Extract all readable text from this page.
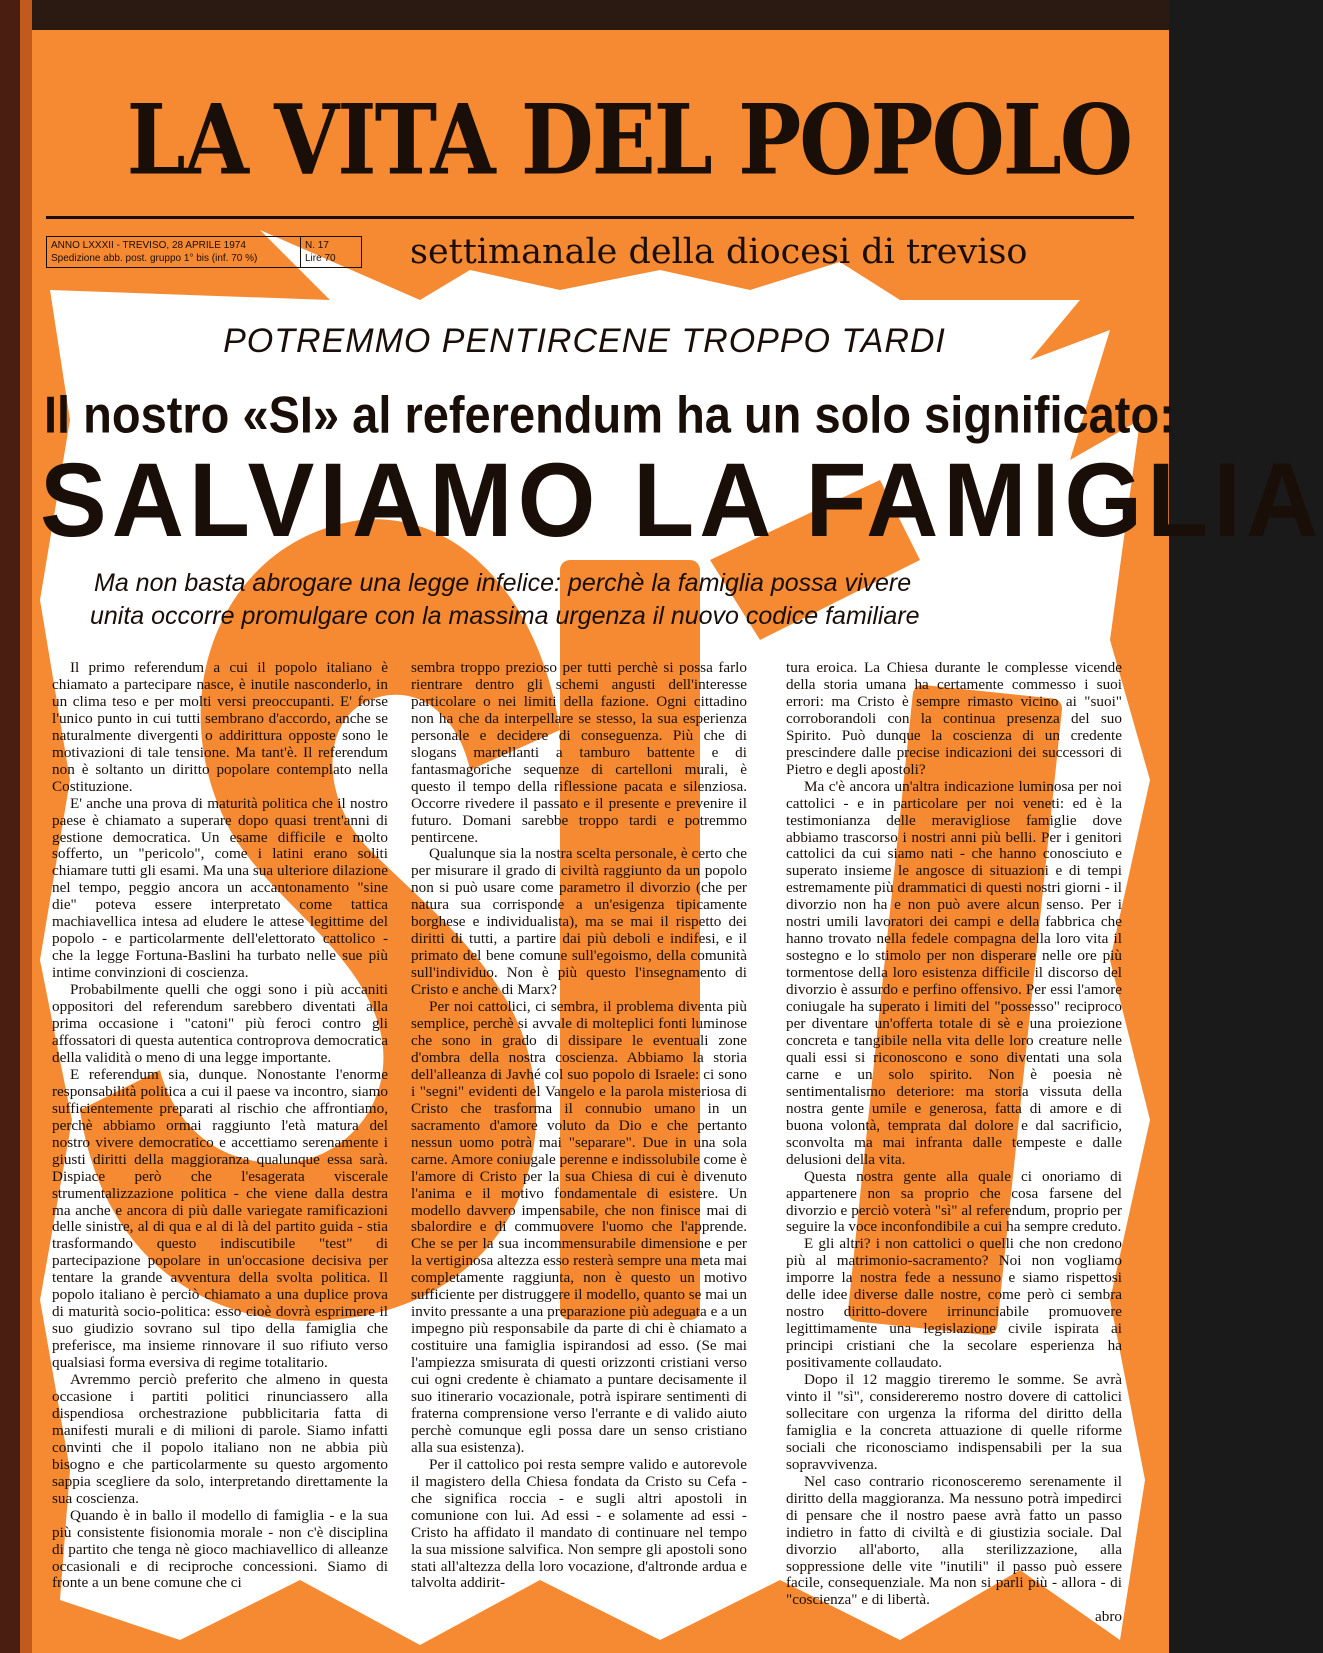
LA VITA DEL POPOLO
ANNO LXXXII - TREVISO, 28 APRILE 1974
Spedizione abb. post. gruppo 1° bis (inf. 70 %)
N. 17
Lire 70	settimanale della diocesi di treviso
POTREMMO PENTIRCENE TROPPO TARDI
Il nostro «SI» al referendum ha un solo significato:
SALVIAMO LA FAMIGLIA
Ma non basta abrogare una legge infelice: perchè la famiglia possa vivere
unita occorre promulgare con la massima urgenza il nuovo codice familiare

Il primo referendum a cui il popolo italiano è chiamato a partecipare nasce, è inutile nasconderlo, in un clima teso e per molti versi preoccupanti. E' forse l'unico punto in cui tutti sembrano d'accordo, anche se naturalmente divergenti o addirittura opposte sono le motivazioni di tale tensione. Ma tant'è. Il referendum non è soltanto un diritto popolare contemplato nella Costituzione.

E' anche una prova di maturità politica che il nostro paese è chiamato a superare dopo quasi trent'anni di gestione democratica. Un esame difficile e molto sofferto, un "pericolo", come i latini erano soliti chiamare tutti gli esami. Ma una sua ulteriore dilazione nel tempo, peggio ancora un accantonamento "sine die" poteva essere interpretato come tattica machiavellica intesa ad eludere le attese legittime del popolo - e particolarmente dell'elettorato cattolico - che la legge Fortuna-Baslini ha turbato nelle sue più intime convinzioni di coscienza.

Probabilmente quelli che oggi sono i più accaniti oppositori del referendum sarebbero diventati alla prima occasione i "catoni" più feroci contro gli affossatori di questa autentica controprova democratica della validità o meno di una legge importante.

E referendum sia, dunque. Nonostante l'enorme responsabilità politica a cui il paese va incontro, siamo sufficientemente preparati al rischio che affrontiamo, perchè abbiamo ormai raggiunto l'età matura del nostro vivere democratico e accettiamo serenamente i giusti diritti della maggioranza qualunque essa sarà. Dispiace però che l'esagerata viscerale strumentalizzazione politica - che viene dalla destra ma anche e ancora di più dalle variegate ramificazioni delle sinistre, al di qua e al di là del partito guida - stia trasformando questo indiscutibile "test" di partecipazione popolare in un'occasione decisiva per tentare la grande avventura della svolta politica. Il popolo italiano è perciò chiamato a una duplice prova di maturità socio-politica: esso cioè dovrà esprimere il suo giudizio sovrano sul tipo della famiglia che preferisce, ma insieme rinnovare il suo rifiuto verso qualsiasi forma eversiva di regime totalitario.

Avremmo perciò preferito che almeno in questa occasione i partiti politici rinunciassero alla dispendiosa orchestrazione pubblicitaria fatta di manifesti murali e di milioni di parole. Siamo infatti convinti che il popolo italiano non ne abbia più bisogno e che particolarmente su questo argomento sappia scegliere da solo, interpretando direttamente la sua coscienza.

Quando è in ballo il modello di famiglia - e la sua più consistente fisionomia morale - non c'è disciplina di partito che tenga nè gioco machiavellico di alleanze occasionali e di reciproche concessioni. Siamo di fronte a un bene comune che ci

sembra troppo prezioso per tutti perchè si possa farlo rientrare dentro gli schemi angusti dell'interesse particolare o nei limiti della fazione. Ogni cittadino non ha che da interpellare se stesso, la sua esperienza personale e decidere di conseguenza. Più che di slogans martellanti a tamburo battente e di fantasmagoriche sequenze di cartelloni murali, è questo il tempo della riflessione pacata e silenziosa. Occorre rivedere il passato e il presente e prevenire il futuro. Domani sarebbe troppo tardi e potremmo pentircene.

Qualunque sia la nostra scelta personale, è certo che per misurare il grado di civiltà raggiunto da un popolo non si può usare come parametro il divorzio (che per natura sua corrisponde a un'esigenza tipicamente borghese e individualista), ma se mai il rispetto dei diritti di tutti, a partire dai più deboli e indifesi, e il primato del bene comune sull'egoismo, della comunità sull'individuo. Non è più questo l'insegnamento di Cristo e anche di Marx?

Per noi cattolici, ci sembra, il problema diventa più semplice, perchè si avvale di molteplici fonti luminose che sono in grado di dissipare le eventuali zone d'ombra della nostra coscienza. Abbiamo la storia dell'alleanza di Javhé col suo popolo di Israele: ci sono i "segni" evidenti del Vangelo e la parola misteriosa di Cristo che trasforma il connubio umano in un sacramento d'amore voluto da Dio e che pertanto nessun uomo potrà mai "separare". Due in una sola carne. Amore coniugale perenne e indissolubile come è l'amore di Cristo per la sua Chiesa di cui è divenuto l'anima e il motivo fondamentale di esistere. Un modello davvero impensabile, che non finisce mai di sbalordire e di commuovere l'uomo che l'apprende. Che se per la sua incommensurabile dimensione e per la vertiginosa altezza esso resterà sempre una meta mai completamente raggiunta, non è questo un motivo sufficiente per distruggere il modello, quanto se mai un invito pressante a una preparazione più adeguata e a un impegno più responsabile da parte di chi è chiamato a costituire una famiglia ispirandosi ad esso. (Se mai l'ampiezza smisurata di questi orizzonti cristiani verso cui ogni credente è chiamato a puntare decisamente il suo itinerario vocazionale, potrà ispirare sentimenti di fraterna comprensione verso l'errante e di valido aiuto perchè comunque egli possa dare un senso cristiano alla sua esistenza).

Per il cattolico poi resta sempre valido e autorevole il magistero della Chiesa fondata da Cristo su Cefa - che significa roccia - e sugli altri apostoli in comunione con lui. Ad essi - e solamente ad essi - Cristo ha affidato il mandato di continuare nel tempo la sua missione salvifica. Non sempre gli apostoli sono stati all'altezza della loro vocazione, d'altronde ardua e talvolta addirit-

tura eroica. La Chiesa durante le complesse vicende della storia umana ha certamente commesso i suoi errori: ma Cristo è sempre rimasto vicino ai "suoi" corroborandoli con la continua presenza del suo Spirito. Può dunque la coscienza di un credente prescindere dalle precise indicazioni dei successori di Pietro e degli apostoli?

Ma c'è ancora un'altra indicazione luminosa per noi cattolici - e in particolare per noi veneti: ed è la testimonianza delle meravigliose famiglie dove abbiamo trascorso i nostri anni più belli. Per i genitori cattolici da cui siamo nati - che hanno conosciuto e superato insieme le angosce di situazioni e di tempi estremamente più drammatici di questi nostri giorni - il divorzio non ha e non può avere alcun senso. Per i nostri umili lavoratori dei campi e della fabbrica che hanno trovato nella fedele compagna della loro vita il sostegno e lo stimolo per non disperare nelle ore più tormentose della loro esistenza difficile il discorso del divorzio è assurdo e perfino offensivo. Per essi l'amore coniugale ha superato i limiti del "possesso" reciproco per diventare un'offerta totale di sè e una proiezione concreta e tangibile nella vita delle loro creature nelle quali essi si riconoscono e sono diventati una sola carne e un solo spirito. Non è poesia nè sentimentalismo deteriore: ma storia vissuta della nostra gente umile e generosa, fatta di amore e di buona volontà, temprata dal dolore e dal sacrificio, sconvolta ma mai infranta dalle tempeste e dalle delusioni della vita.

Questa nostra gente alla quale ci onoriamo di appartenere non sa proprio che cosa farsene del divorzio e perciò voterà "sì" al referendum, proprio per seguire la voce inconfondibile a cui ha sempre creduto.

E gli altri? i non cattolici o quelli che non credono più al matrimonio-sacramento? Noi non vogliamo imporre la nostra fede a nessuno e siamo rispettosi delle idee diverse dalle nostre, come però ci sembra nostro diritto-dovere irrinunciabile promuovere legittimamente una legislazione civile ispirata ai principi cristiani che la secolare esperienza ha positivamente collaudato.

Dopo il 12 maggio tireremo le somme. Se avrà vinto il "sì", considereremo nostro dovere di cattolici sollecitare con urgenza la riforma del diritto della famiglia e la concreta attuazione di quelle riforme sociali che riconosciamo indispensabili per la sua sopravvivenza.

Nel caso contrario riconosceremo serenamente il diritto della maggioranza. Ma nessuno potrà impedirci di pensare che il nostro paese avrà fatto un passo indietro in fatto di civiltà e di giustizia sociale. Dal divorzio all'aborto, alla sterilizzazione, alla soppressione delle vite "inutili" il passo può essere facile, consequenziale. Ma non si parli più - allora - di "coscienza" e di libertà.

abro
